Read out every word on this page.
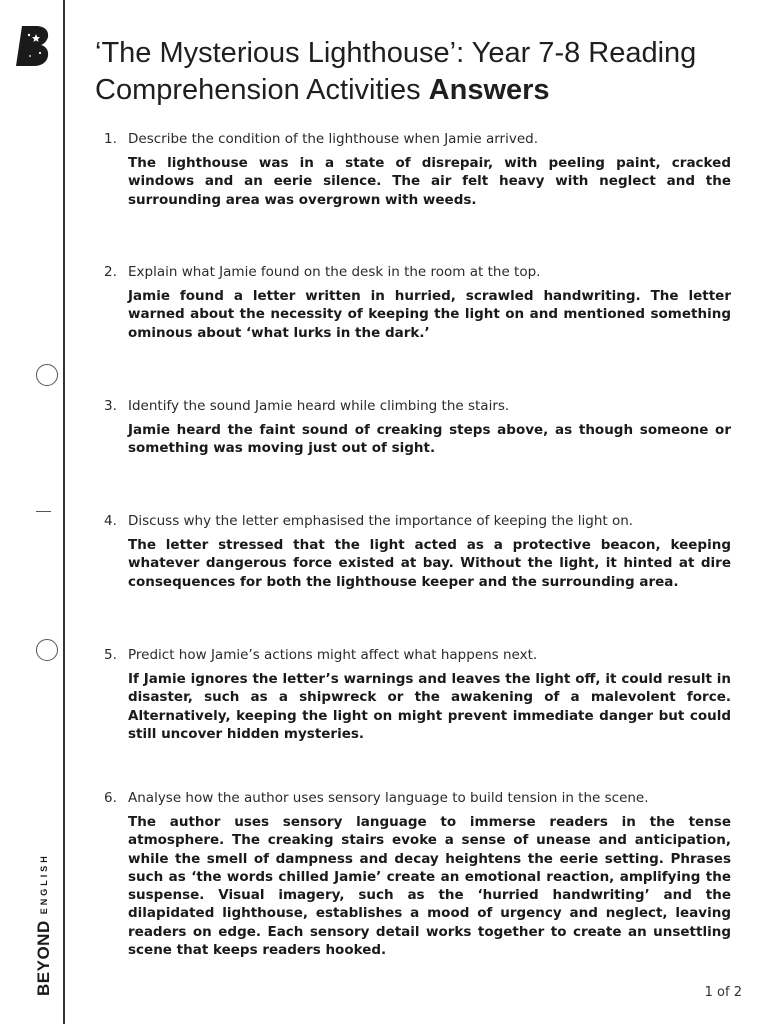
BEYOND
ENGLISH
‘The Mysterious Lighthouse’: Year 7-8 Reading Comprehension Activities Answers
1. Describe the condition of the lighthouse when Jamie arrived.

The lighthouse was in a state of disrepair, with peeling paint, cracked windows and an eerie silence. The air felt heavy with neglect and the surrounding area was overgrown with weeds.

2. Explain what Jamie found on the desk in the room at the top.

Jamie found a letter written in hurried, scrawled handwriting. The letter warned about the necessity of keeping the light on and mentioned something ominous about ‘what lurks in the dark.’

3. Identify the sound Jamie heard while climbing the stairs.

Jamie heard the faint sound of creaking steps above, as though someone or something was moving just out of sight.

4. Discuss why the letter emphasised the importance of keeping the light on.

The letter stressed that the light acted as a protective beacon, keeping whatever dangerous force existed at bay. Without the light, it hinted at dire consequences for both the lighthouse keeper and the surrounding area.

5. Predict how Jamie’s actions might affect what happens next.

If Jamie ignores the letter’s warnings and leaves the light off, it could result in disaster, such as a shipwreck or the awakening of a malevolent force. Alternatively, keeping the light on might prevent immediate danger but could still uncover hidden mysteries.

6. Analyse how the author uses sensory language to build tension in the scene.

The author uses sensory language to immerse readers in the tense atmosphere. The creaking stairs evoke a sense of unease and anticipation, while the smell of dampness and decay heightens the eerie setting. Phrases such as ‘the words chilled Jamie’ create an emotional reaction, amplifying the suspense. Visual imagery, such as the ‘hurried handwriting’ and the dilapidated lighthouse, establishes a mood of urgency and neglect, leaving readers on edge. Each sensory detail works together to create an unsettling scene that keeps readers hooked.

1 of 2
